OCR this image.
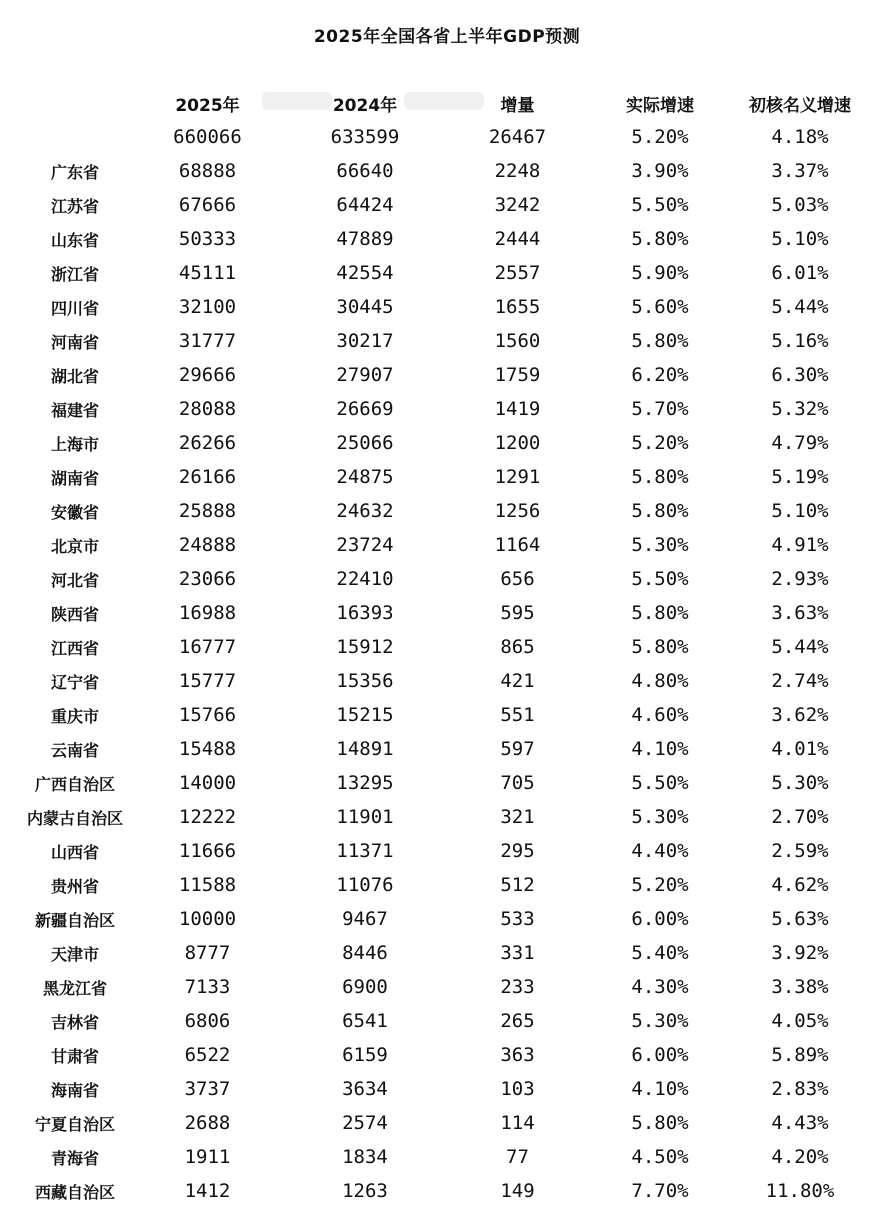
2025年全国各省上半年GDP预测
	2025年	2024年	增量	实际增速	初核名义增速
	660066	633599	26467	5.20%	4.18%
广东省	68888	66640	2248	3.90%	3.37%
江苏省	67666	64424	3242	5.50%	5.03%
山东省	50333	47889	2444	5.80%	5.10%
浙江省	45111	42554	2557	5.90%	6.01%
四川省	32100	30445	1655	5.60%	5.44%
河南省	31777	30217	1560	5.80%	5.16%
湖北省	29666	27907	1759	6.20%	6.30%
福建省	28088	26669	1419	5.70%	5.32%
上海市	26266	25066	1200	5.20%	4.79%
湖南省	26166	24875	1291	5.80%	5.19%
安徽省	25888	24632	1256	5.80%	5.10%
北京市	24888	23724	1164	5.30%	4.91%
河北省	23066	22410	656	5.50%	2.93%
陕西省	16988	16393	595	5.80%	3.63%
江西省	16777	15912	865	5.80%	5.44%
辽宁省	15777	15356	421	4.80%	2.74%
重庆市	15766	15215	551	4.60%	3.62%
云南省	15488	14891	597	4.10%	4.01%
广西自治区	14000	13295	705	5.50%	5.30%
内蒙古自治区	12222	11901	321	5.30%	2.70%
山西省	11666	11371	295	4.40%	2.59%
贵州省	11588	11076	512	5.20%	4.62%
新疆自治区	10000	9467	533	6.00%	5.63%
天津市	8777	8446	331	5.40%	3.92%
黑龙江省	7133	6900	233	4.30%	3.38%
吉林省	6806	6541	265	5.30%	4.05%
甘肃省	6522	6159	363	6.00%	5.89%
海南省	3737	3634	103	4.10%	2.83%
宁夏自治区	2688	2574	114	5.80%	4.43%
青海省	1911	1834	77	4.50%	4.20%
西藏自治区	1412	1263	149	7.70%	11.80%
